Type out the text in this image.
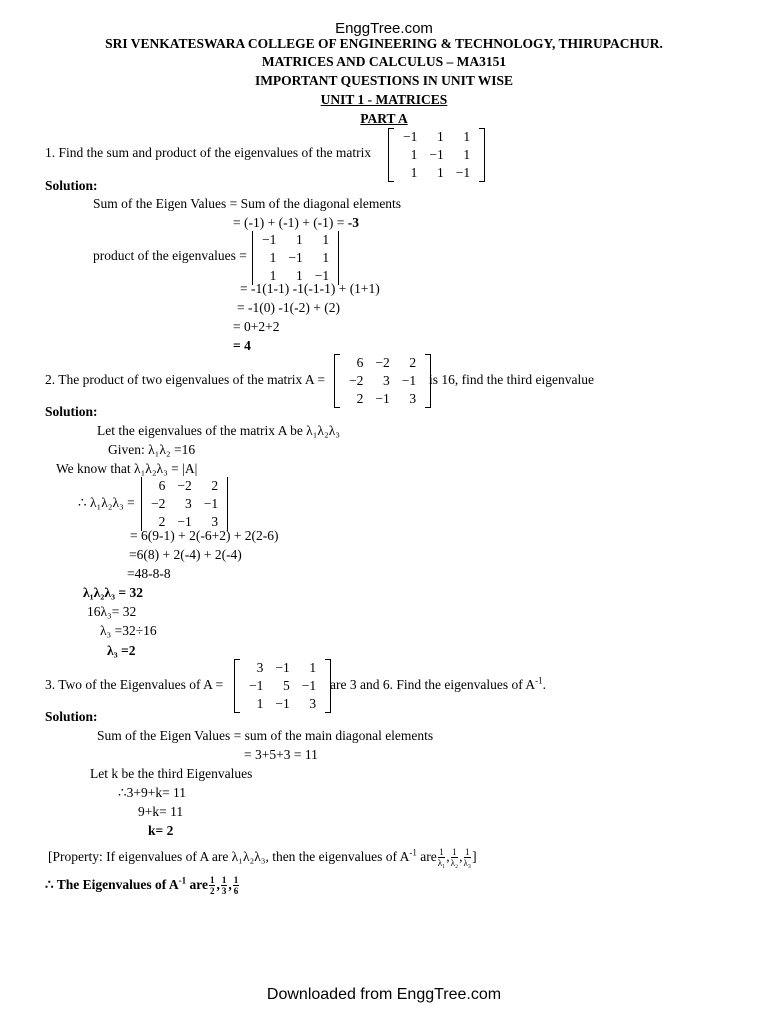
EnggTree.com
SRI VENKATESWARA COLLEGE OF ENGINEERING & TECHNOLOGY, THIRUPACHUR.
MATRICES AND CALCULUS – MA3151
IMPORTANT QUESTIONS IN UNIT WISE
UNIT 1 - MATRICES
PART A
1. Find the sum and product of the eigenvalues of the matrix
−1	1	1
1 −1	1
1	1 −1
Solution:
Sum of the Eigen Values = Sum of the diagonal elements
= (-1) + (-1) + (-1) = -3
product of the eigenvalues =
−1	1	1
1 −1	1
1	1 −1
= -1(1-1) -1(-1-1) + (1+1)
= -1(0) -1(-2) + (2)
= 0+2+2
= 4
2. The product of two eigenvalues of the matrix A =
6 −2	2
−2	3 −1
2 −1	3
is 16, find the third eigenvalue
Solution:
Let the eigenvalues of the matrix A be λ₁λ₂λ₃
Given: λ₁λ₂ =16
We know that λ₁λ₂λ₃ = |A|
∴ λ₁λ₂λ₃ =
6 −2	2
−2	3 −1
2 −1	3
= 6(9-1) + 2(-6+2) + 2(2-6)
=6(8) + 2(-4) + 2(-4)
=48-8-8
λ₁λ₂λ₃ = 32
16λ₃= 32
λ₃ =32÷16
λ₃ =2
3. Two of the Eigenvalues of A =
3 −1	1
−1	5 −1
1 −1	3
are 3 and 6. Find the eigenvalues of $A^{-1}$.
Solution:
Sum of the Eigen Values = sum of the main diagonal elements
= 3+5+3 = 11
Let k be the third Eigenvalues
∴3+9+k= 11
9+k= 11
k= 2
[Property: If eigenvalues of A are λ₁λ₂λ₃, then the eigenvalues of $A^{-1}$ are $\frac{1}{\text{λ₁}}$ , $\frac{1}{\text{λ₂}}$ , $\frac{1}{\text{λ₃}}$ ]
∴ The Eigenvalues of $A^{-1}$ are $\frac{1}{2}$ , $\frac{1}{3}$ , $\frac{1}{6}$
Downloaded from EnggTree.com
